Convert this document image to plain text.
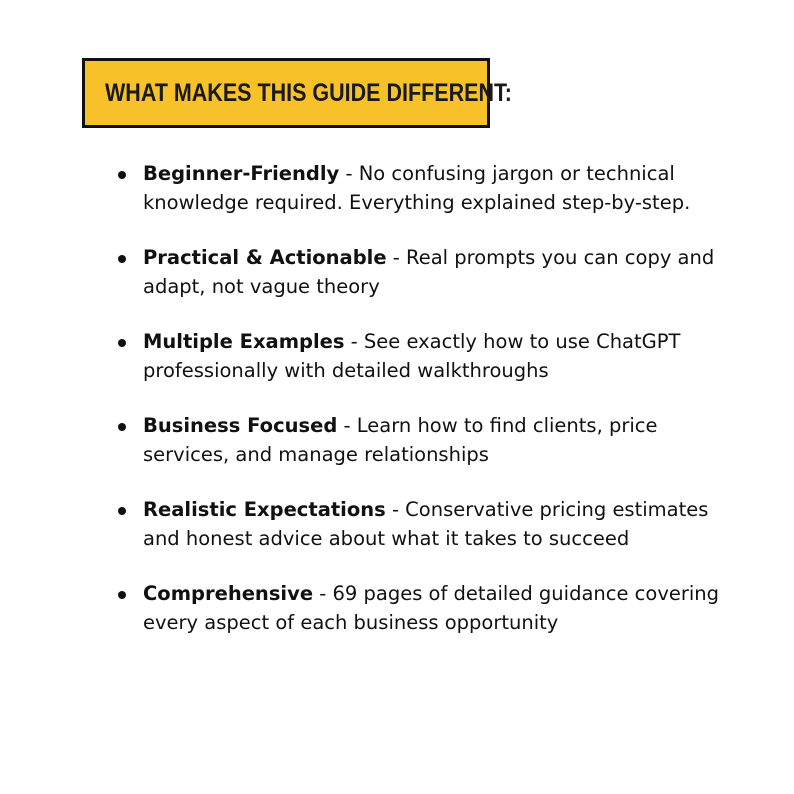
WHAT MAKES THIS GUIDE DIFFERENT:
Beginner-Friendly - No confusing jargon or technical knowledge required. Everything explained step-by-step.
Practical & Actionable - Real prompts you can copy and adapt, not vague theory
Multiple Examples - See exactly how to use ChatGPT professionally with detailed walkthroughs
Business Focused - Learn how to find clients, price services, and manage relationships
Realistic Expectations - Conservative pricing estimates and honest advice about what it takes to succeed
Comprehensive - 69 pages of detailed guidance covering every aspect of each business opportunity
